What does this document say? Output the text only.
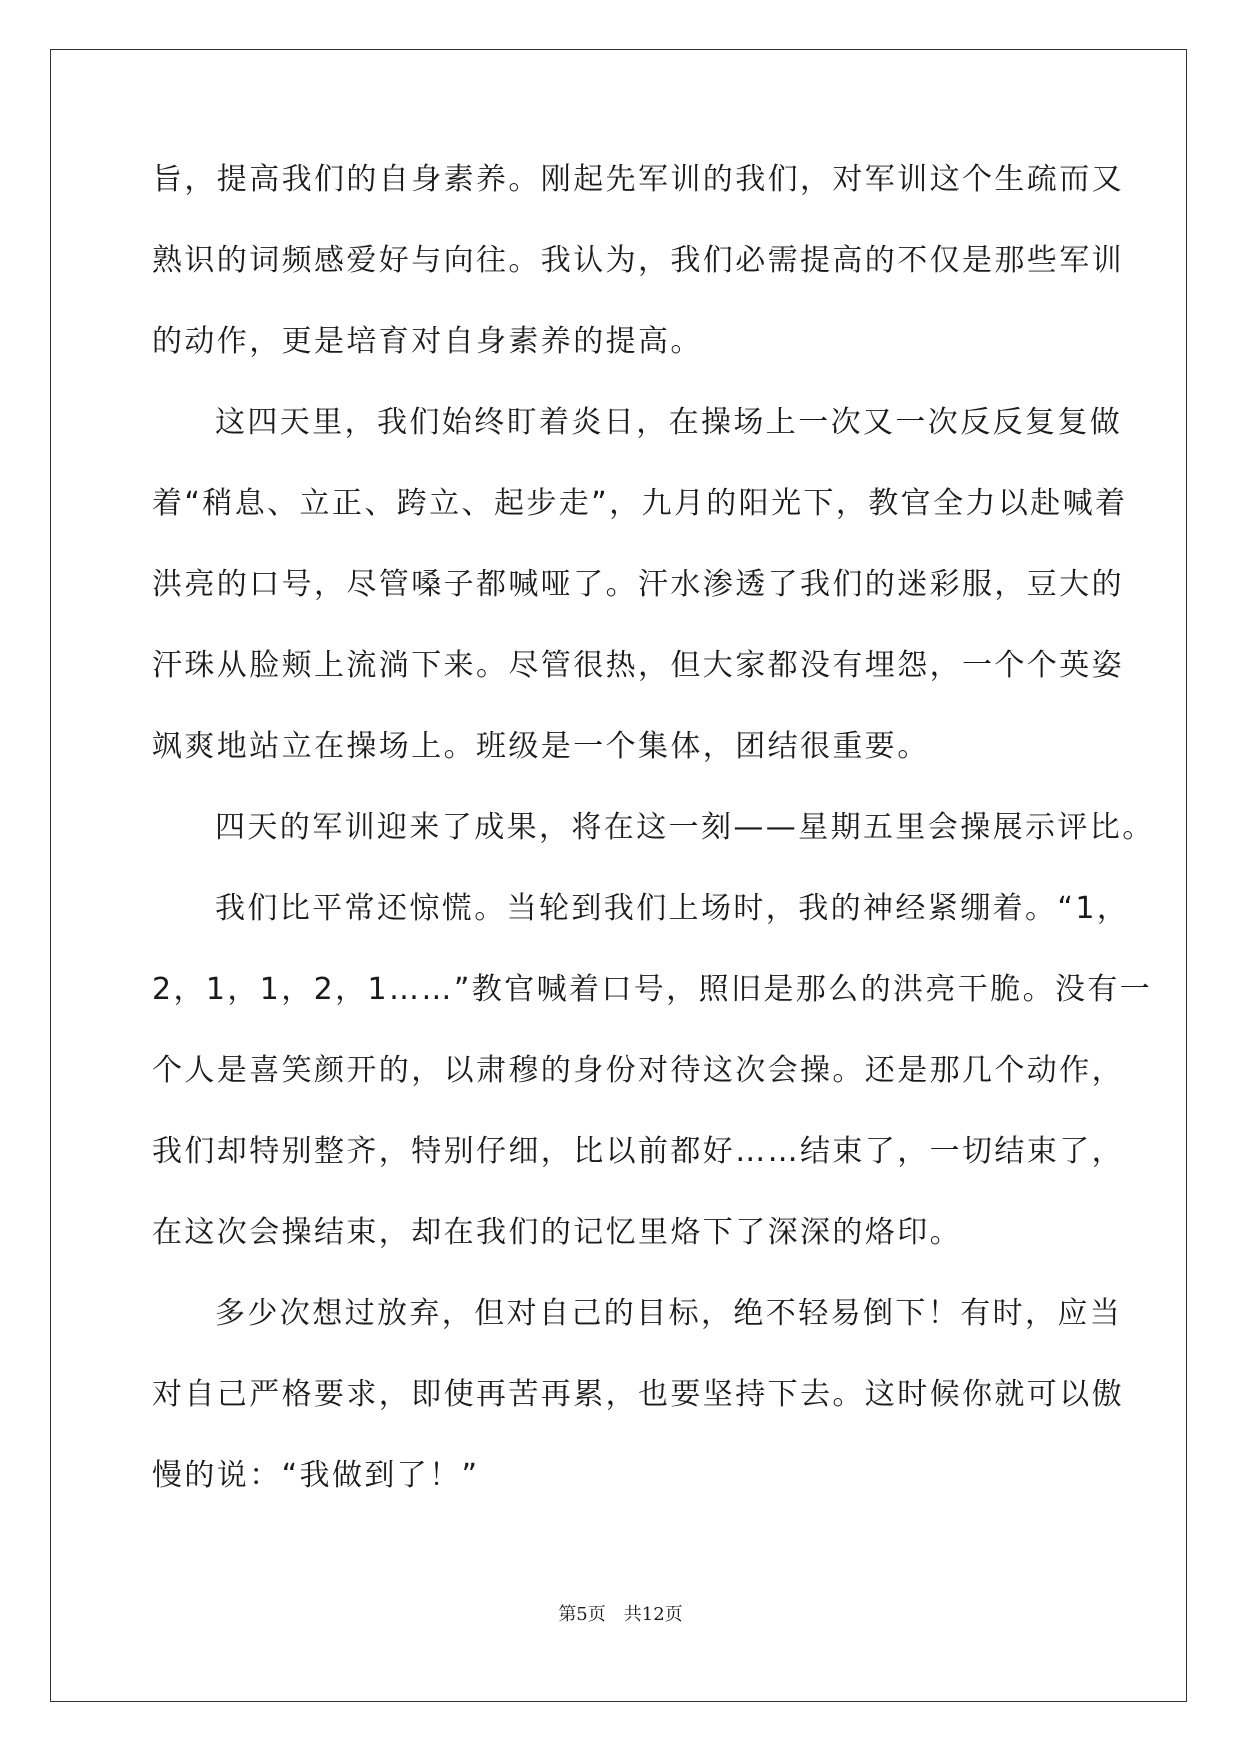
旨，提高我们的自身素养。刚起先军训的我们，对军训这个生疏而又
熟识的词频感爱好与向往。我认为，我们必需提高的不仅是那些军训
的动作，更是培育对自身素养的提高。
这四天里，我们始终盯着炎日，在操场上一次又一次反反复复做
着“稍息、立正、跨立、起步走”，九月的阳光下，教官全力以赴喊着
洪亮的口号，尽管嗓子都喊哑了。汗水渗透了我们的迷彩服，豆大的
汗珠从脸颊上流淌下来。尽管很热，但大家都没有埋怨，一个个英姿
飒爽地站立在操场上。班级是一个集体，团结很重要。
四天的军训迎来了成果，将在这一刻——星期五里会操展示评比。
我们比平常还惊慌。当轮到我们上场时，我的神经紧绷着。“1，
2，1，1，2，1……”教官喊着口号，照旧是那么的洪亮干脆。没有一
个人是喜笑颜开的，以肃穆的身份对待这次会操。还是那几个动作，
我们却特别整齐，特别仔细，比以前都好……结束了，一切结束了，
在这次会操结束，却在我们的记忆里烙下了深深的烙印。
多少次想过放弃，但对自己的目标，绝不轻易倒下！有时，应当
对自己严格要求，即使再苦再累，也要坚持下去。这时候你就可以傲
慢的说：“我做到了！”
第5页 共12页
